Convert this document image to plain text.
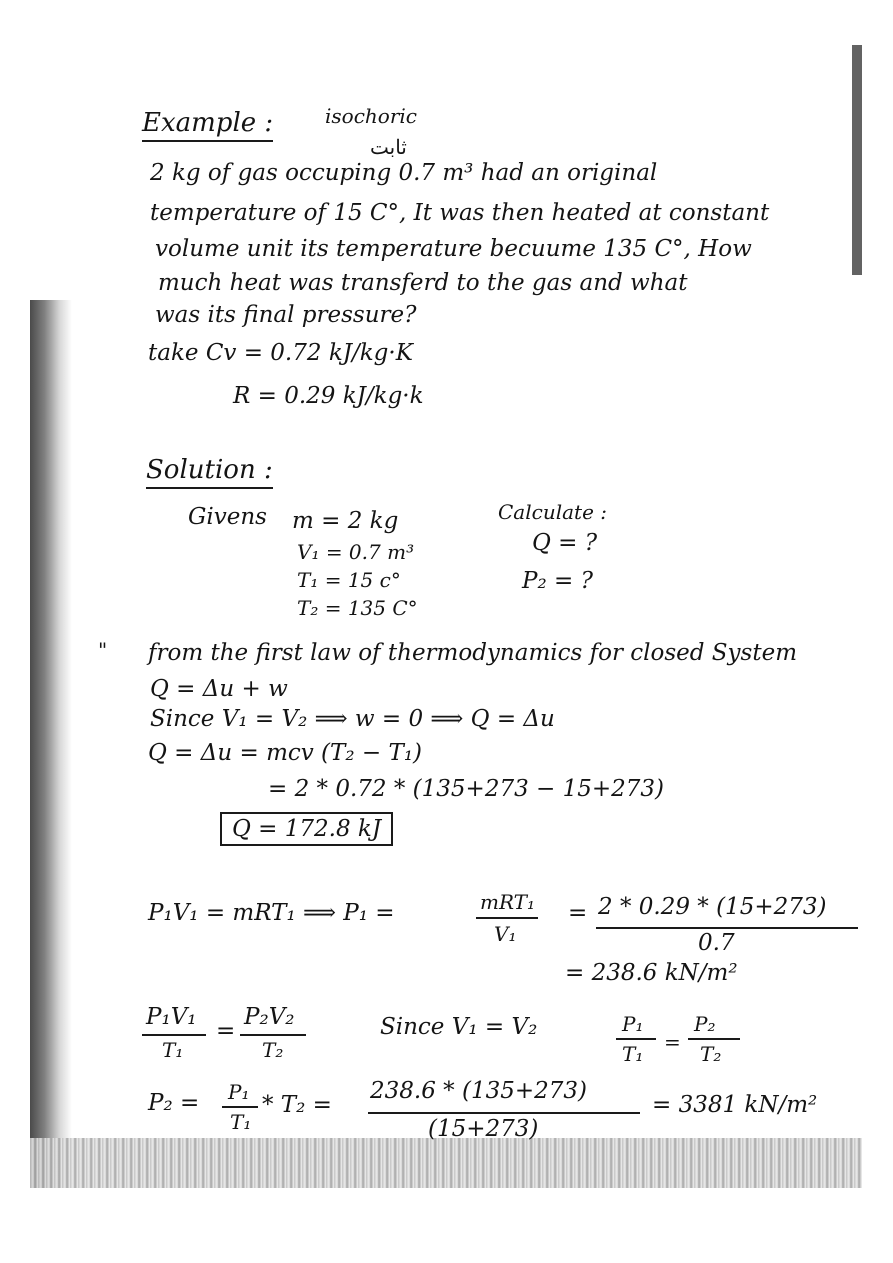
Example :	isochoric
ثابت
2 kg of gas occuping 0.7 m³ had an original
temperature of 15 C°, It was then heated at constant
volume unit its temperature becuume 135 C°, How
much heat was transferd to the gas and what
was its final pressure?
take Cv = 0.72 kJ/kg·K
R = 0.29 kJ/kg·k
Solution :
Givens m = 2 kg
V₁ = 0.7 m³
T₁ = 15 c°
T₂ = 135 C°
Calculate :
Q = ?
P₂ = ?
" from the first law of thermodynamics for closed System
Q = Δu + w
Since V₁ = V₂ ⟹ w = 0 ⟹ Q = Δu
Q = Δu = mcv (T₂ − T₁)
= 2 * 0.72 * (135+273 − 15+273)
Q = 172.8 kJ
P₁V₁ = mRT₁ ⟹ P₁ =	mRT₁
V₁
= 2 * 0.29 * (15+273)
0.7
= 238.6 kN/m²
P₁V₁
T₁
=
P₂V₂
T₂
Since V₁ = V₂	P₁
T₁ =
P₂
T₂
P₂ = P₁
T₁
* T₂ =
238.6 * (135+273)
(15+273)
= 3381 kN/m²
